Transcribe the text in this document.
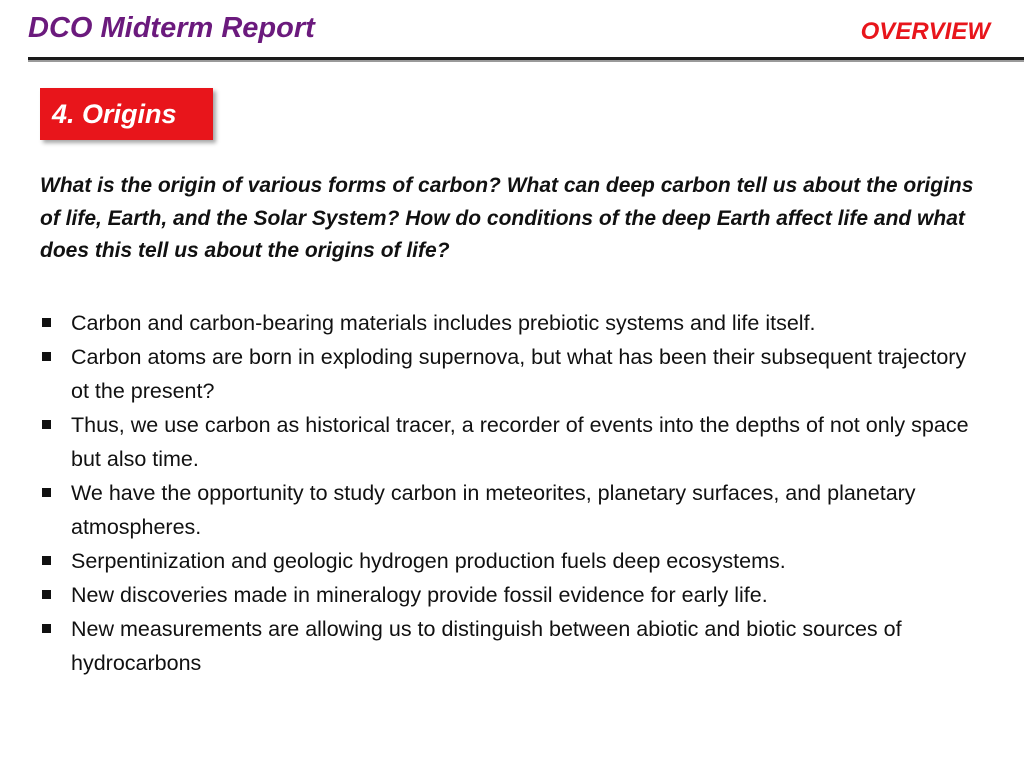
DCO Midterm Report	OVERVIEW
4. Origins

What is the origin of various forms of carbon? What can deep carbon tell us about the origins of life, Earth, and the Solar System? How do conditions of the deep Earth affect life and what does this tell us about the origins of life?

Carbon and carbon-bearing materials includes prebiotic systems and life itself.
Carbon atoms are born in exploding supernova, but what has been their subsequent trajectory ot the present?
Thus, we use carbon as historical tracer, a recorder of events into the depths of not only space but also time.
We have the opportunity to study carbon in meteorites, planetary surfaces, and planetary atmospheres.
Serpentinization and geologic hydrogen production fuels deep ecosystems.
New discoveries made in mineralogy provide fossil evidence for early life.
New measurements are allowing us to distinguish between abiotic and biotic sources of hydrocarbons
